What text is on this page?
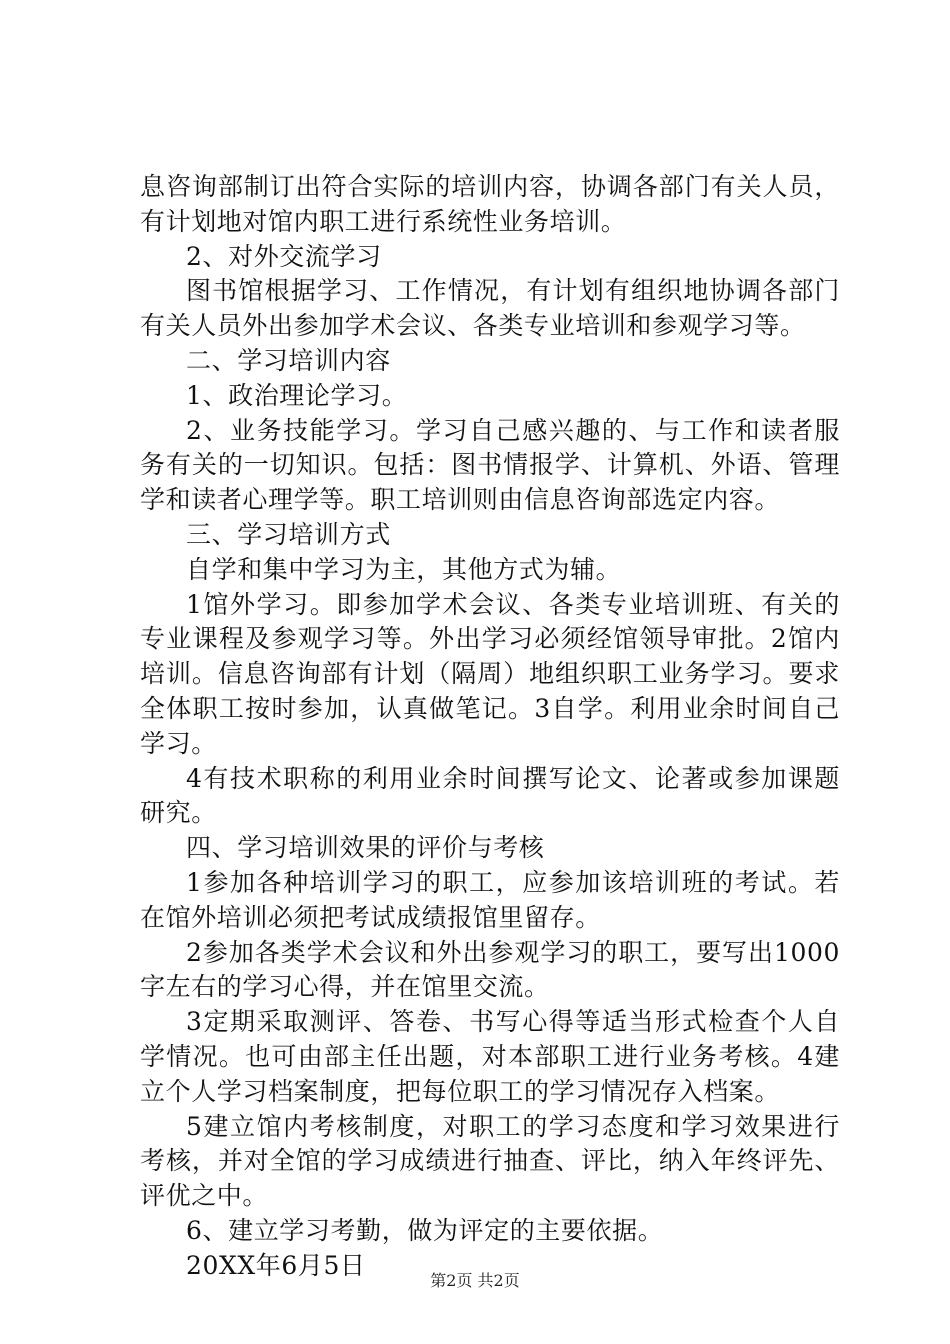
息咨询部制订出符合实际的培训内容，协调各部门有关人员，有计划地对馆内职工进行系统性业务培训。

2、对外交流学习

图书馆根据学习、工作情况，有计划有组织地协调各部门有关人员外出参加学术会议、各类专业培训和参观学习等。

二、学习培训内容

1、政治理论学习。

2、业务技能学习。学习自己感兴趣的、与工作和读者服务有关的一切知识。包括：图书情报学、计算机、外语、管理学和读者心理学等。职工培训则由信息咨询部选定内容。

三、学习培训方式

自学和集中学习为主，其他方式为辅。

1馆外学习。即参加学术会议、各类专业培训班、有关的专业课程及参观学习等。外出学习必须经馆领导审批。2馆内培训。信息咨询部有计划（隔周）地组织职工业务学习。要求全体职工按时参加，认真做笔记。3自学。利用业余时间自己学习。

4有技术职称的利用业余时间撰写论文、论著或参加课题研究。

四、学习培训效果的评价与考核

1参加各种培训学习的职工，应参加该培训班的考试。若在馆外培训必须把考试成绩报馆里留存。

2参加各类学术会议和外出参观学习的职工，要写出1000字左右的学习心得，并在馆里交流。

3定期采取测评、答卷、书写心得等适当形式检查个人自学情况。也可由部主任出题，对本部职工进行业务考核。4建立个人学习档案制度，把每位职工的学习情况存入档案。

5建立馆内考核制度，对职工的学习态度和学习效果进行考核，并对全馆的学习成绩进行抽查、评比，纳入年终评先、评优之中。

6、建立学习考勤，做为评定的主要依据。

20XX年6月5日

第2页 共2页
